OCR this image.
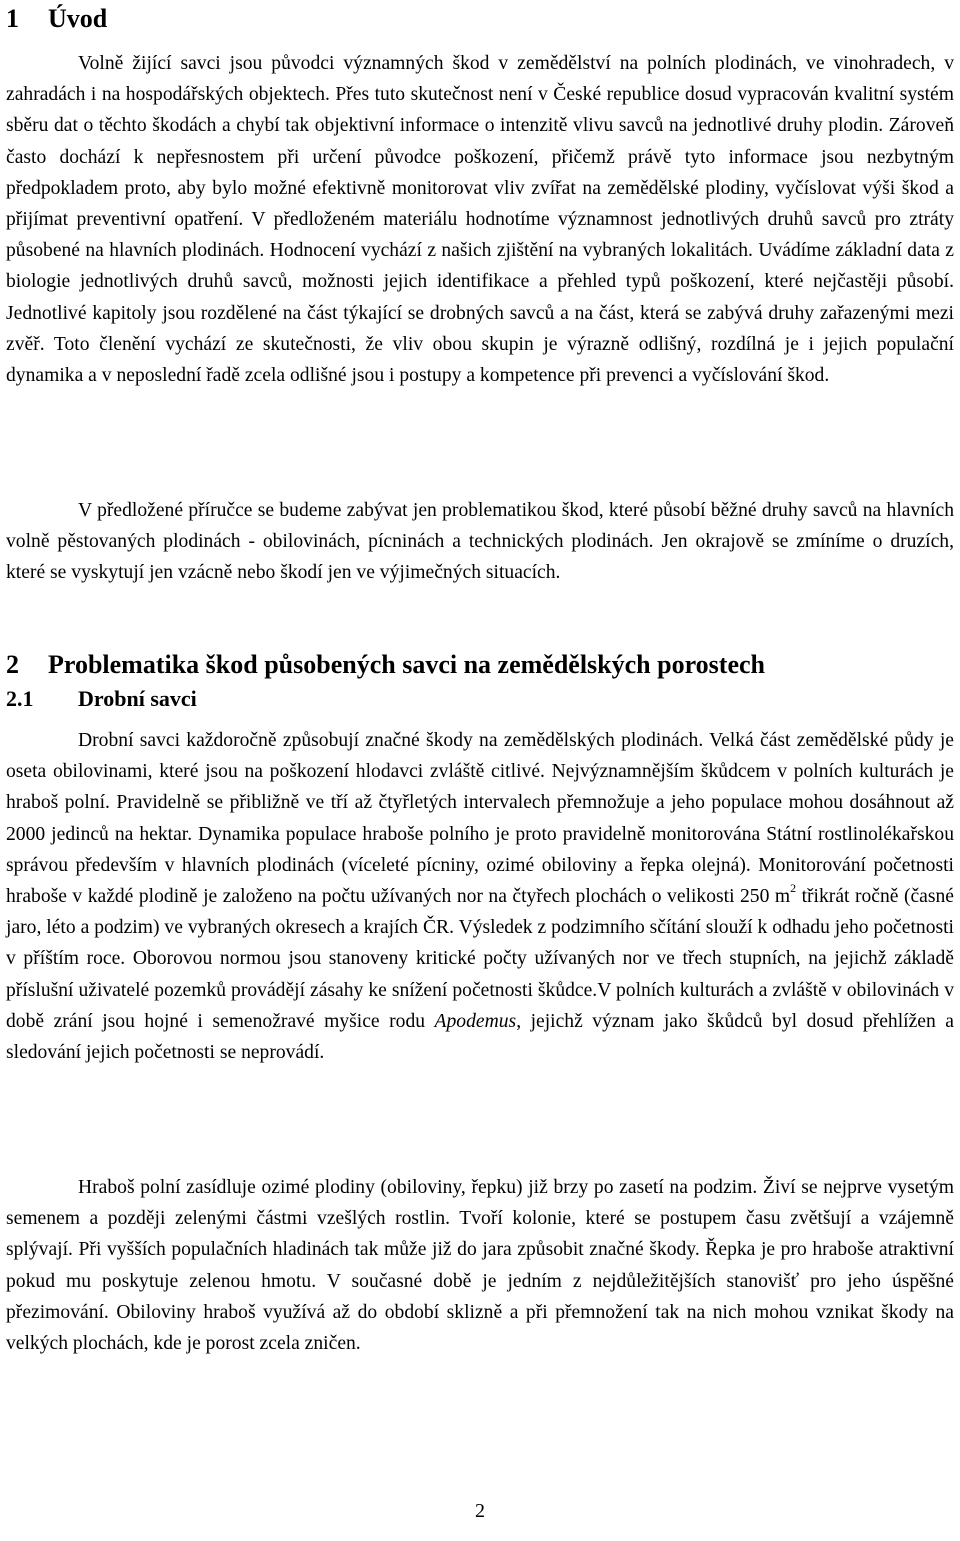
1 Úvod

Volně žijící savci jsou původci významných škod v zemědělství na polních plodinách, ve vinohradech, v zahradách i na hospodářských objektech. Přes tuto skutečnost není v České republice dosud vypracován kvalitní systém sběru dat o těchto škodách a chybí tak objektivní informace o intenzitě vlivu savců na jednotlivé druhy plodin. Zároveň často dochází k nepřesnostem při určení původce poškození, přičemž právě tyto informace jsou nezbytným předpokladem proto, aby bylo možné efektivně monitorovat vliv zvířat na zemědělské plodiny, vyčíslovat výši škod a přijímat preventivní opatření. V předloženém materiálu hodnotíme významnost jednotlivých druhů savců pro ztráty působené na hlavních plodinách. Hodnocení vychází z našich zjištění na vybraných lokalitách. Uvádíme základní data z biologie jednotlivých druhů savců, možnosti jejich identifikace a přehled typů poškození, které nejčastěji působí. Jednotlivé kapitoly jsou rozdělené na část týkající se drobných savců a na část, která se zabývá druhy zařazenými mezi zvěř. Toto členění vychází ze skutečnosti, že vliv obou skupin je výrazně odlišný, rozdílná je i jejich populační dynamika a v neposlední řadě zcela odlišné jsou i postupy a kompetence při prevenci a vyčíslování škod.

V předložené příručce se budeme zabývat jen problematikou škod, které působí běžné druhy savců na hlavních volně pěstovaných plodinách - obilovinách, pícninách a technických plodinách. Jen okrajově se zmíníme o druzích, které se vyskytují jen vzácně nebo škodí jen ve výjimečných situacích.

2 Problematika škod působených savci na zemědělských porostech
2.1 Drobní savci

Drobní savci každoročně způsobují značné škody na zemědělských plodinách. Velká část zemědělské půdy je oseta obilovinami, které jsou na poškození hlodavci zvláště citlivé. Nejvýznamnějším škůdcem v polních kulturách je hraboš polní. Pravidelně se přibližně ve tří až čtyřletých intervalech přemnožuje a jeho populace mohou dosáhnout až 2000 jedinců na hektar. Dynamika populace hraboše polního je proto pravidelně monitorována Státní rostlinolékařskou správou především v hlavních plodinách (víceleté pícniny, ozimé obiloviny a řepka olejná). Monitorování početnosti hraboše v každé plodině je založeno na počtu užívaných nor na čtyřech plochách o velikosti 250 $m^2$ třikrát ročně (časné jaro, léto a podzim) ve vybraných okresech a krajích ČR. Výsledek z podzimního sčítání slouží k odhadu jeho početnosti v příštím roce. Oborovou normou jsou stanoveny kritické počty užívaných nor ve třech stupních, na jejichž základě příslušní uživatelé pozemků provádějí zásahy ke snížení početnosti škůdce.V polních kulturách a zvláště v obilovinách v době zrání jsou hojné i semenožravé myšice rodu Apodemus, jejichž význam jako škůdců byl dosud přehlížen a sledování jejich početnosti se neprovádí.

Hraboš polní zasídluje ozimé plodiny (obiloviny, řepku) již brzy po zasetí na podzim. Živí se nejprve vysetým semenem a později zelenými částmi vzešlých rostlin. Tvoří kolonie, které se postupem času zvětšují a vzájemně splývají. Při vyšších populačních hladinách tak může již do jara způsobit značné škody. Řepka je pro hraboše atraktivní pokud mu poskytuje zelenou hmotu. V současné době je jedním z nejdůležitějších stanovišť pro jeho úspěšné přezimování. Obiloviny hraboš využívá až do období sklizně a při přemnožení tak na nich mohou vznikat škody na velkých plochách, kde je porost zcela zničen.

2
